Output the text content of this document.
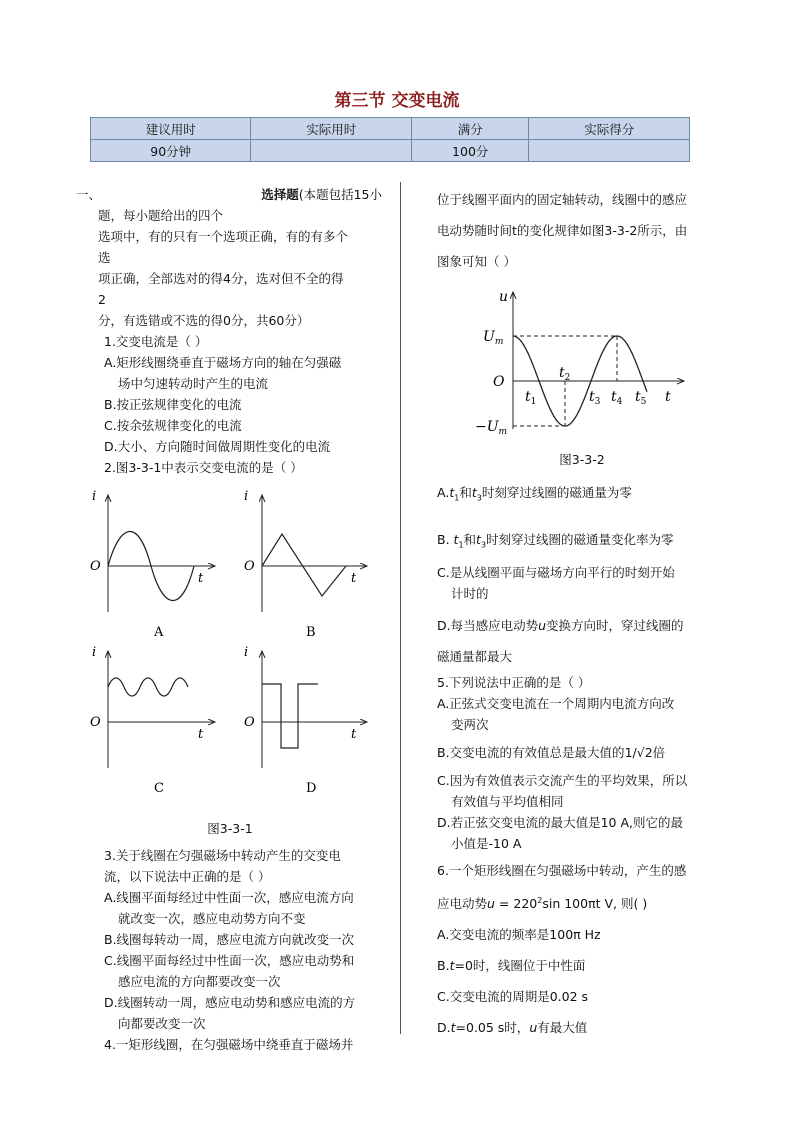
第三节 交变电流
建议用时	实际用时	满分	实际得分
90分钟		100分	
一、	选择题(本题包括15小
题，每小题给出的四个
选项中，有的只有一个选项正确，有的有多个
选
项正确，全部选对的得4分，选对但不全的得
2
分，有选错或不选的得0分，共60分）
1.交变电流是（ ）
A.矩形线圈绕垂直于磁场方向的轴在匀强磁
场中匀速转动时产生的电流
B.按正弦规律变化的电流
C.按余弦规律变化的电流
D.大小、方向随时间做周期性变化的电流
2.图3-3-1中表示交变电流的是（ ）
i
O
t
A
i
O
t
B
i
O
t
C
i
O
t
D
图3-3-1
3.关于线圈在匀强磁场中转动产生的交变电
流，以下说法中正确的是（ ）
A.线圈平面每经过中性面一次，感应电流方向
就改变一次，感应电动势方向不变
B.线圈每转动一周，感应电流方向就改变一次
C.线圈平面每经过中性面一次，感应电动势和
感应电流的方向都要改变一次
D.线圈转动一周，感应电动势和感应电流的方
向都要改变一次
4.一矩形线圈，在匀强磁场中绕垂直于磁场并
位于线圈平面内的固定轴转动，线圈中的感应
电动势随时间t的变化规律如图3-3-2所示，由
图象可知（ ）
u
t
$U_m$
$-U_m$
O
$t_1$
$t_2$
$t_3$ $t_4$ $t_5$
图3-3-2
$A.t_1$和$t_3$时刻穿过线圈的磁通量为零
B. $t_1$和$t_3$时刻穿过线圈的磁通量变化率为零
C.是从线圈平面与磁场方向平行的时刻开始
计时的
D.每当感应电动势u变换方向时，穿过线圈的
磁通量都最大
5.下列说法中正确的是（ ）
A.正弦式交变电流在一个周期内电流方向改
变两次
B.交变电流的有效值总是最大值的1/√2倍
C.因为有效值表示交流产生的平均效果，所以
有效值与平均值相同
D.若正弦交变电流的最大值是10 A,则它的最
小值是-10 A
6.一个矩形线圈在匀强磁场中转动，产生的感
应电动势$u = 220^2\sin$ 100πt V, 则( )
A.交变电流的频率是100π Hz
B.t=0时，线圈位于中性面
C.交变电流的周期是0.02 s
D.t=0.05 s时，u有最大值
